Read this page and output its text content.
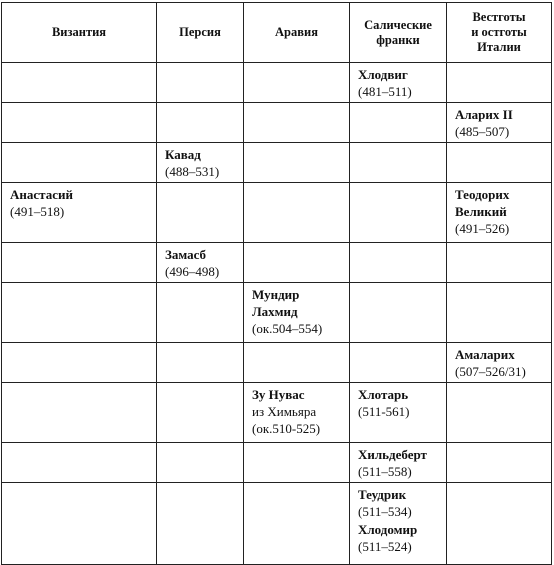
Византия	Персия	Аравия	Салические
франки	Вестготы
и остготы
Италии

			Хлодвиг
(481–511)	

				Аларих II
(485–507)

	Кавад
(488–531)			

Анастасий
(491–518)				Теодорих
Великий
(491–526)

	Замасб
(496–498)			

		Мундир
Лахмид
(ок.504–554)		

				Амаларих
(507–526/31)

		Зу Нувас
из Химьяра
(ок.510-525)	Хлотарь
(511-561)	

			Хильдеберт
(511–558)	

			Теудрик
(511–534)
Хлодомир
(511–524)	
